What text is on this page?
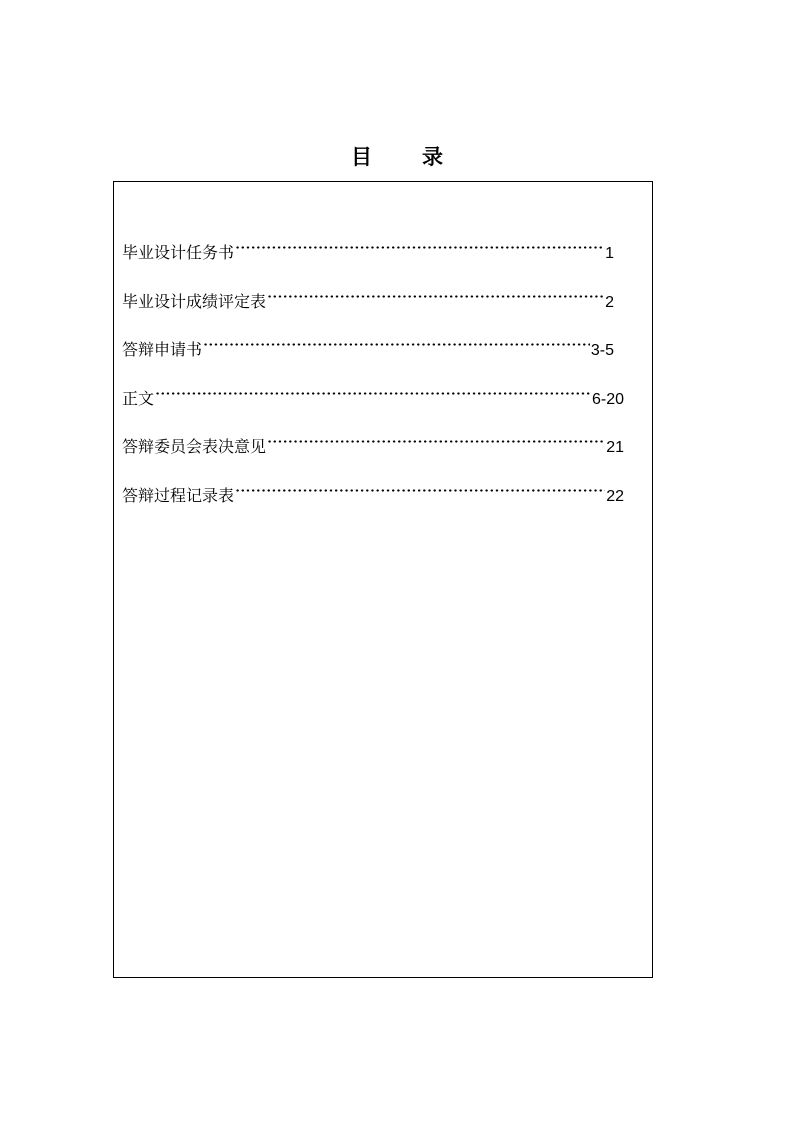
目 录
毕业设计任务书	1
毕业设计成绩评定表	2
答辩申请书	3-5
正文	6-20
答辩委员会表决意见	21
答辩过程记录表	22
